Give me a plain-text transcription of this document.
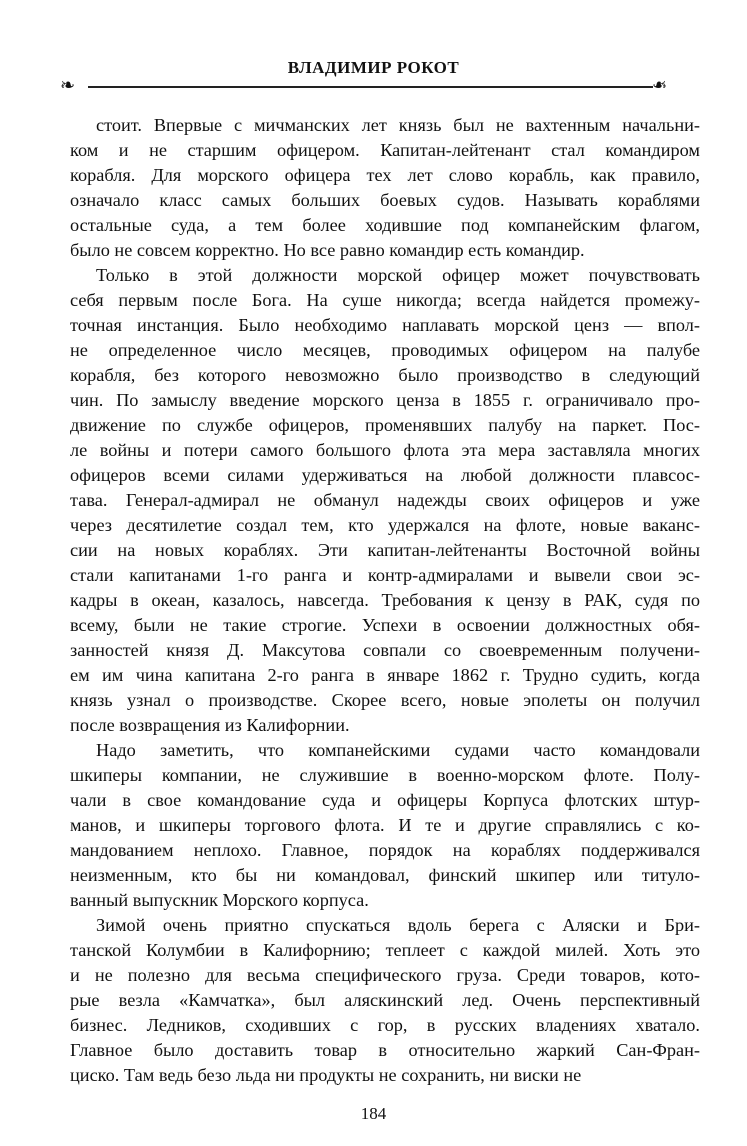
ВЛАДИМИР РОКОТ
❧	❧
стоит. Впервые с мичманских лет князь был не вахтенным начальни-
ком и не старшим офицером. Капитан-лейтенант стал командиром
корабля. Для морского офицера тех лет слово корабль, как правило,
означало класс самых больших боевых судов. Называть кораблями
остальные суда, а тем более ходившие под компанейским флагом,
было не совсем корректно. Но все равно командир есть командир.
Только в этой должности морской офицер может почувствовать
себя первым после Бога. На суше никогда; всегда найдется промежу-
точная инстанция. Было необходимо наплавать морской ценз — впол-
не определенное число месяцев, проводимых офицером на палубе
корабля, без которого невозможно было производство в следующий
чин. По замыслу введение морского ценза в 1855 г. ограничивало про-
движение по службе офицеров, променявших палубу на паркет. Пос-
ле войны и потери самого большого флота эта мера заставляла многих
офицеров всеми силами удерживаться на любой должности плавсос-
тава. Генерал-адмирал не обманул надежды своих офицеров и уже
через десятилетие создал тем, кто удержался на флоте, новые ваканс-
сии на новых кораблях. Эти капитан-лейтенанты Восточной войны
стали капитанами 1-го ранга и контр-адмиралами и вывели свои эс-
кадры в океан, казалось, навсегда. Требования к цензу в РАК, судя по
всему, были не такие строгие. Успехи в освоении должностных обя-
занностей князя Д. Максутова совпали со своевременным получени-
ем им чина капитана 2-го ранга в январе 1862 г. Трудно судить, когда
князь узнал о производстве. Скорее всего, новые эполеты он получил
после возвращения из Калифорнии.
Надо заметить, что компанейскими судами часто командовали
шкиперы компании, не служившие в военно-морском флоте. Полу-
чали в свое командование суда и офицеры Корпуса флотских штур-
манов, и шкиперы торгового флота. И те и другие справлялись с ко-
мандованием неплохо. Главное, порядок на кораблях поддерживался
неизменным, кто бы ни командовал, финский шкипер или титуло-
ванный выпускник Морского корпуса.
Зимой очень приятно спускаться вдоль берега с Аляски и Бри-
танской Колумбии в Калифорнию; теплеет с каждой милей. Хоть это
и не полезно для весьма специфического груза. Среди товаров, кото-
рые везла «Камчатка», был аляскинский лед. Очень перспективный
бизнес. Ледников, сходивших с гор, в русских владениях хватало.
Главное было доставить товар в относительно жаркий Сан-Фран-
циско. Там ведь безо льда ни продукты не сохранить, ни виски не
184
